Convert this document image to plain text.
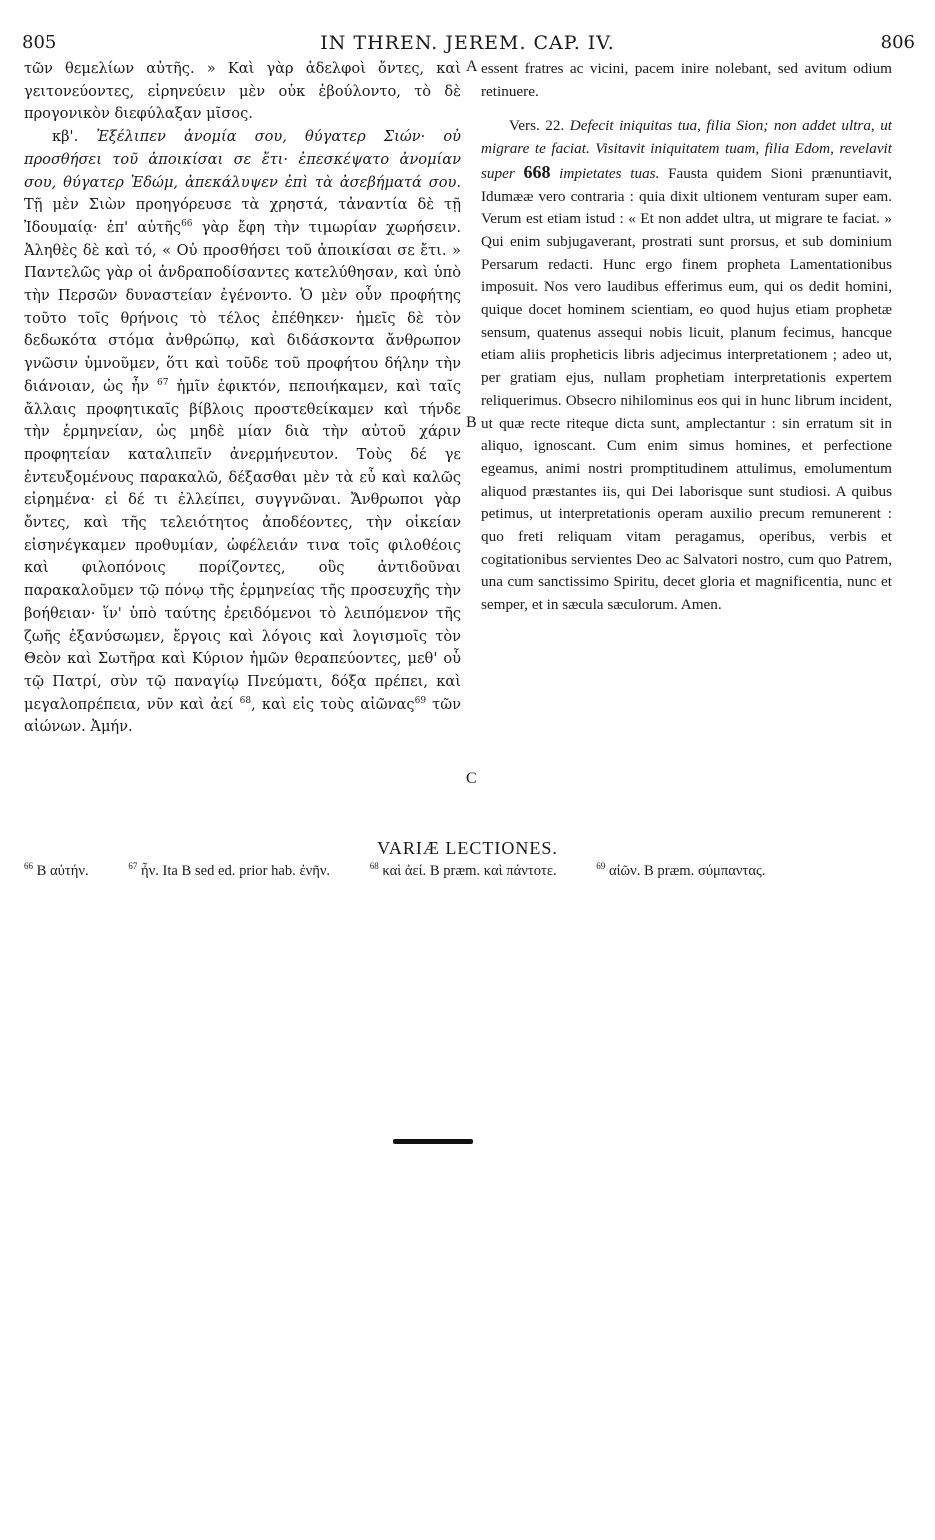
805	IN THREN. JEREM. CAP. IV.	806

τῶν θεμελίων αὐτῆς. » Καὶ γὰρ ἀδελφοὶ ὄντες, καὶ γειτονεύοντες, εἰρηνεύειν μὲν οὐκ ἐβούλοντο, τὸ δὲ προγονικὸν διεφύλαξαν μῖσος.

κβ'. Ἐξέλιπεν ἀνομία σου, θύγατερ Σιών· οὐ προσθήσει τοῦ ἀποικίσαι σε ἔτι· ἐπεσκέψατο ἀνομίαν σου, θύγατερ Ἐδώμ, ἀπεκάλυψεν ἐπὶ τὰ ἀσεβήματά σου. Τῇ μὲν Σιὼν προηγόρευσε τὰ χρηστά, τἀναντία δὲ τῇ Ἰδουμαίᾳ· ἐπ' αὐτῆς$^{66}$ γὰρ ἔφη τὴν τιμωρίαν χωρήσειν. Ἀληθὲς δὲ καὶ τό, « Οὐ προσθήσει τοῦ ἀποικίσαι σε ἔτι. » Παντελῶς γὰρ οἱ ἀνδραποδίσαντες κατελύθησαν, καὶ ὑπὸ τὴν Περσῶν δυναστείαν ἐγένοντο. Ὁ μὲν οὖν προφήτης τοῦτο τοῖς θρήνοις τὸ τέλος ἐπέθηκεν· ἡμεῖς δὲ τὸν δεδωκότα στόμα ἀνθρώπῳ, καὶ διδάσκοντα ἄνθρωπον γνῶσιν ὑμνοῦμεν, ὅτι καὶ τοῦδε τοῦ προφήτου δήλην τὴν διάνοιαν, ὡς ἦν $^{67}$ ἡμῖν ἐφικτόν, πεποιήκαμεν, καὶ ταῖς ἄλλαις προφητικαῖς βίβλοις προστεθείκαμεν καὶ τήνδε τὴν ἑρμηνείαν, ὡς μηδὲ μίαν διὰ τὴν αὐτοῦ χάριν προφητείαν καταλιπεῖν ἀνερμήνευτον. Τοὺς δέ γε ἐντευξομένους παρακαλῶ, δέξασθαι μὲν τὰ εὖ καὶ καλῶς εἰρημένα· εἰ δέ τι ἐλλείπει, συγγνῶναι. Ἄνθρωποι γὰρ ὄντες, καὶ τῆς τελειότητος ἀποδέοντες, τὴν οἰκείαν εἰσηνέγκαμεν προθυμίαν, ὠφέλειάν τινα τοῖς φιλοθέοις καὶ φιλοπόνοις πορίζοντες, οὓς ἀντιδοῦναι παρακαλοῦμεν τῷ πόνῳ τῆς ἑρμηνείας τῆς προσευχῆς τὴν βοήθειαν· ἵν' ὑπὸ ταύτης ἐρειδόμενοι τὸ λειπόμενον τῆς ζωῆς ἐξανύσωμεν, ἔργοις καὶ λόγοις καὶ λογισμοῖς τὸν Θεὸν καὶ Σωτῆρα καὶ Κύριον ἡμῶν θεραπεύοντες, μεθ' οὗ τῷ Πατρί, σὺν τῷ παναγίῳ Πνεύματι, δόξα πρέπει, καὶ μεγαλοπρέπεια, νῦν καὶ ἀεί $^{68}$, καὶ εἰς τοὺς αἰῶνας$^{69}$ τῶν αἰώνων. Ἀμήν.

A
B
C

essent fratres ac vicini, pacem inire nolebant, sed avitum odium retinuere.

Vers. 22. Defecit iniquitas tua, filia Sion; non addet ultra, ut migrare te faciat. Visitavit iniquitatem tuam, filia Edom, revelavit super 668 impietates tuas. Fausta quidem Sioni prænuntiavit, Idumææ vero contraria : quia dixit ultionem venturam super eam. Verum est etiam istud : « Et non addet ultra, ut migrare te faciat. » Qui enim subjugaverant, prostrati sunt prorsus, et sub dominium Persarum redacti. Hunc ergo finem propheta Lamentationibus imposuit. Nos vero laudibus efferimus eum, qui os dedit homini, quique docet hominem scientiam, eo quod hujus etiam prophetæ sensum, quatenus assequi nobis licuit, planum fecimus, hancque etiam aliis propheticis libris adjecimus interpretationem ; adeo ut, per gratiam ejus, nullam prophetiam interpretationis expertem reliquerimus. Obsecro nihilominus eos qui in hunc librum incident, ut quæ recte riteque dicta sunt, amplectantur : sin erratum sit in aliquo, ignoscant. Cum enim simus homines, et perfectione egeamus, animi nostri promptitudinem attulimus, emolumentum aliquod præstantes iis, qui Dei laborisque sunt studiosi. A quibus petimus, ut interpretationis operam auxilio precum remunerent : quo freti reliquam vitam peragamus, operibus, verbis et cogitationibus servientes Deo ac Salvatori nostro, cum quo Patrem, una cum sanctissimo Spiritu, decet gloria et magnificentia, nunc et semper, et in sæcula sæculorum. Amen.

VARIÆ LECTIONES.
$^{66}$ B αὐτήν.	$^{67}$ ἦν. Ita B sed ed. prior hab. ἐνῆν.	$^{68}$ καὶ ἀεί. B præm. καὶ πάντοτε.	$^{69}$ αἰῶν. B præm. σύμπαντας.
